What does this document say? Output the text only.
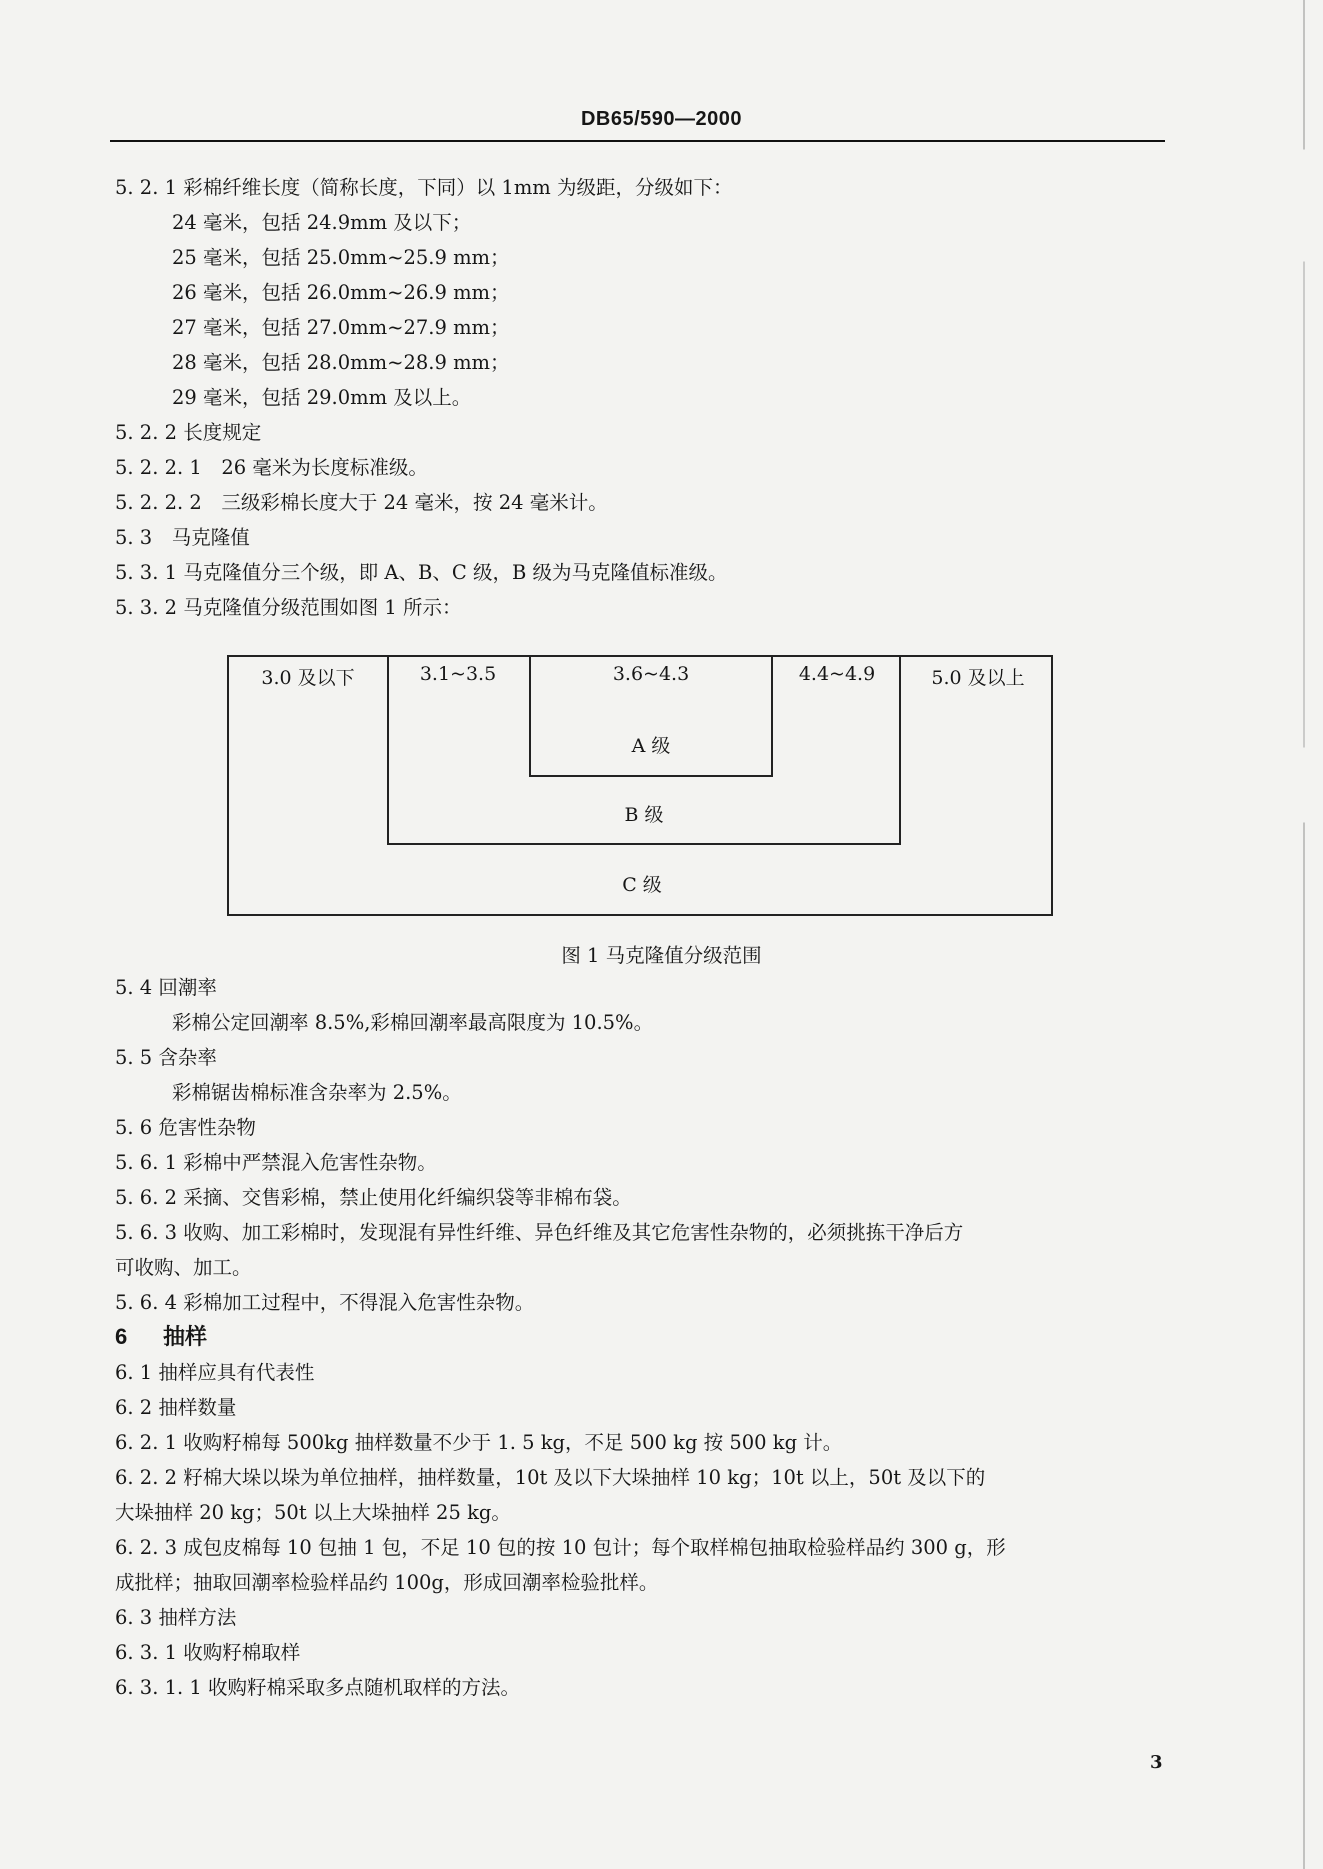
DB65/590—2000
5. 2. 1 彩棉纤维长度（简称长度，下同）以 1mm 为级距，分级如下：
24 毫米，包括 24.9mm 及以下；
25 毫米，包括 25.0mm~25.9 mm；
26 毫米，包括 26.0mm~26.9 mm；
27 毫米，包括 27.0mm~27.9 mm；
28 毫米，包括 28.0mm~28.9 mm；
29 毫米，包括 29.0mm 及以上。
5. 2. 2 长度规定
5. 2. 2. 1　26 毫米为长度标准级。
5. 2. 2. 2　三级彩棉长度大于 24 毫米，按 24 毫米计。
5. 3　马克隆值
5. 3. 1 马克隆值分三个级，即 A、B、C 级，B 级为马克隆值标准级。
5. 3. 2 马克隆值分级范围如图 1 所示：
3.0 及以下	3.1~3.5	3.6~4.3	4.4~4.9	5.0 及以上
A 级
B 级
C 级
图 1 马克隆值分级范围
5. 4 回潮率
彩棉公定回潮率 8.5%,彩棉回潮率最高限度为 10.5%。
5. 5 含杂率
彩棉锯齿棉标准含杂率为 2.5%。
5. 6 危害性杂物
5. 6. 1 彩棉中严禁混入危害性杂物。
5. 6. 2 采摘、交售彩棉，禁止使用化纤编织袋等非棉布袋。
5. 6. 3 收购、加工彩棉时，发现混有异性纤维、异色纤维及其它危害性杂物的，必须挑拣干净后方
可收购、加工。
5. 6. 4 彩棉加工过程中，不得混入危害性杂物。
6 抽样
6. 1 抽样应具有代表性
6. 2 抽样数量
6. 2. 1 收购籽棉每 500kg 抽样数量不少于 1. 5 kg，不足 500 kg 按 500 kg 计。
6. 2. 2 籽棉大垛以垛为单位抽样，抽样数量，10t 及以下大垛抽样 10 kg；10t 以上，50t 及以下的
大垛抽样 20 kg；50t 以上大垛抽样 25 kg。
6. 2. 3 成包皮棉每 10 包抽 1 包，不足 10 包的按 10 包计；每个取样棉包抽取检验样品约 300 g，形
成批样；抽取回潮率检验样品约 100g，形成回潮率检验批样。
6. 3 抽样方法
6. 3. 1 收购籽棉取样
6. 3. 1. 1 收购籽棉采取多点随机取样的方法。
3
